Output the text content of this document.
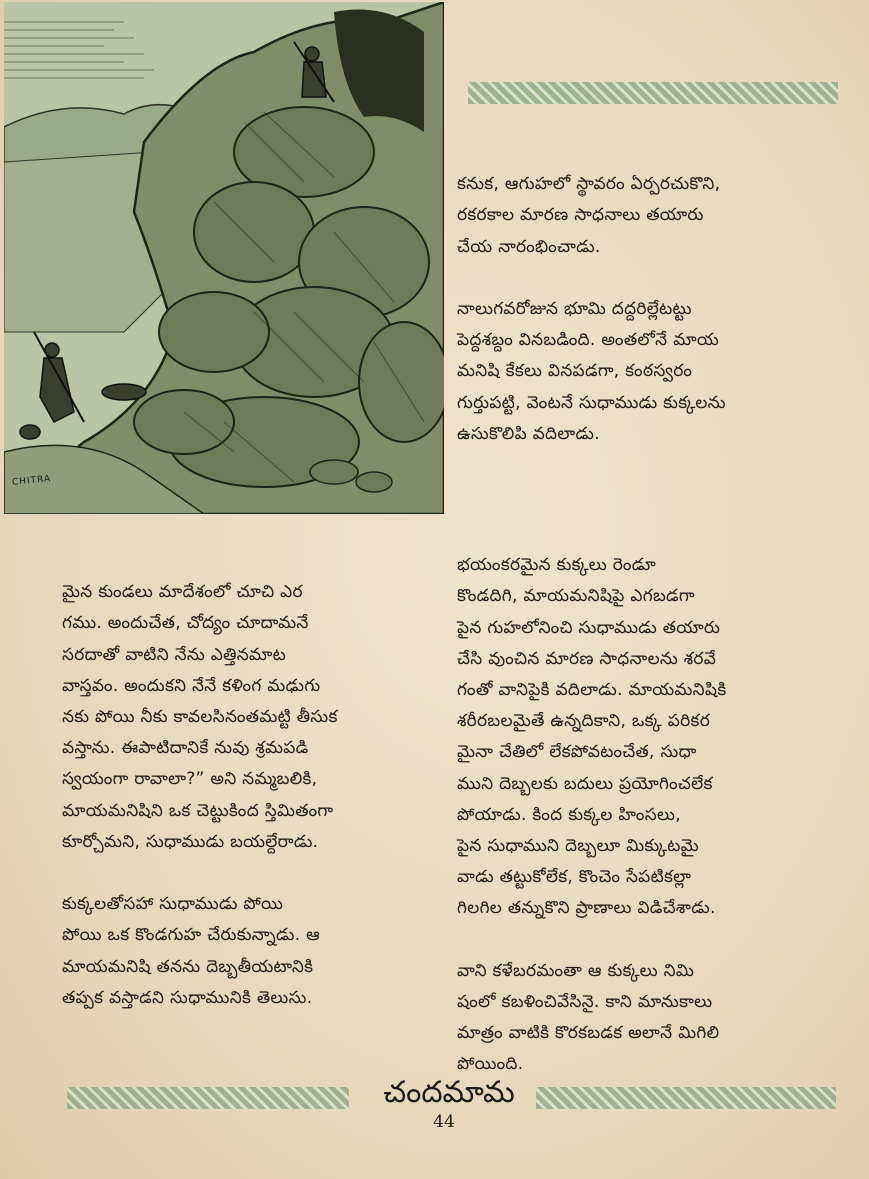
CHITRA

కనుక, ఆగుహలో స్థావరం ఏర్పరచుకొని,
రకరకాల మారణ సాధనాలు తయారు
చేయ నారంభించాడు.

నాలుగవరోజున భూమి దద్దరిల్లేటట్టు
పెద్దశబ్దం వినబడింది. అంతలోనే మాయ
మనిషి కేకలు వినపడగా, కంఠస్వరం
గుర్తుపట్టి, వెంటనే సుధాముడు కుక్కలను
ఉసుకొలిపి వదిలాడు.

మైన కుండలు మాదేశంలో చూచి ఎర
గము. అందుచేత, చోద్యం చూదామనే
సరదాతో వాటిని నేను ఎత్తినమాట
వాస్తవం. అందుకని నేనే కళింగ మఢుగు
నకు పోయి నీకు కావలసినంతమట్టి తీసుక
వస్తాను. ఈపాటిదానికే నువు శ్రమపడి
స్వయంగా రావాలా?” అని నమ్మబలికి,
మాయమనిషిని ఒక చెట్టుకింద స్తిమితంగా
కూర్చోమని, సుధాముడు బయల్దేరాడు.

కుక్కలతోసహా సుధాముడు పోయి
పోయి ఒక కొండగుహ చేరుకున్నాడు. ఆ
మాయమనిషి తనను దెబ్బతీయటానికి
తప్పక వస్తాడని సుధామునికి తెలుసు.

భయంకరమైన కుక్కలు రెండూ
కొండదిగి, మాయమనిషిపై ఎగబడగా
పైన గుహలోనించి సుధాముడు తయారు
చేసి వుంచిన మారణ సాధనాలను శరవే
గంతో వానిపైకి వదిలాడు. మాయమనిషికి
శరీరబలమైతే ఉన్నదికాని, ఒక్క పరికర
మైనా చేతిలో లేకపోవటంచేత, సుధా
ముని దెబ్బలకు బదులు ప్రయోగించలేక
పోయాడు. కింద కుక్కల హింసలు,
పైన సుధాముని దెబ్బలూ మిక్కుటమై
వాడు తట్టుకోలేక, కొంచెం సేపటికల్లా
గిలగిల తన్నుకొని ప్రాణాలు విడిచేశాడు.

వాని కళేబరమంతా ఆ కుక్కలు నిమి
షంలో కబళించివేసినై. కాని మానుకాలు
మాత్రం వాటికి కొరకబడక అలానే మిగిలి
పోయింది.

చందమామ
44
